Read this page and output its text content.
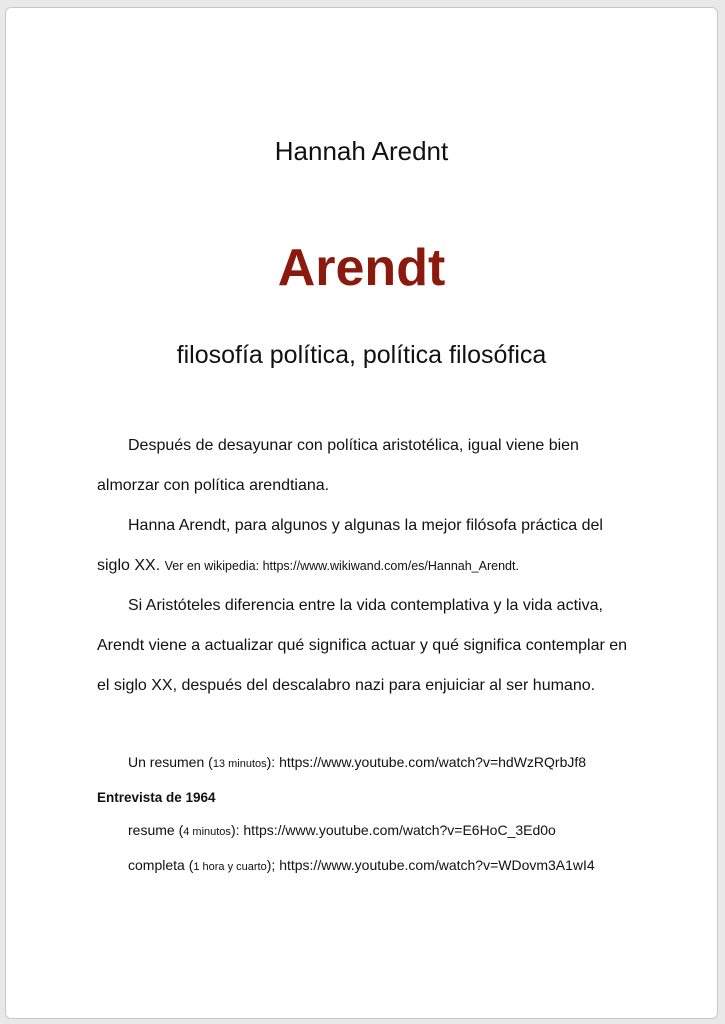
Hannah Arednt
Arendt
filosofía política, política filosófica

Después de desayunar con política aristotélica, igual viene bien almorzar con política arendtiana.

Hanna Arendt, para algunos y algunas la mejor filósofa práctica del siglo XX. Ver en wikipedia: https://www.wikiwand.com/es/Hannah_Arendt.

Si Aristóteles diferencia entre la vida contemplativa y la vida activa, Arendt viene a actualizar qué significa actuar y qué significa contemplar en el siglo XX, después del descalabro nazi para enjuiciar al ser humano.

Un resumen (13 minutos): https://www.youtube.com/watch?v=hdWzRQrbJf8

Entrevista de 1964

resume (4 minutos): https://www.youtube.com/watch?v=E6HoC_3Ed0o

completa (1 hora y cuarto); https://www.youtube.com/watch?v=WDovm3A1wI4
